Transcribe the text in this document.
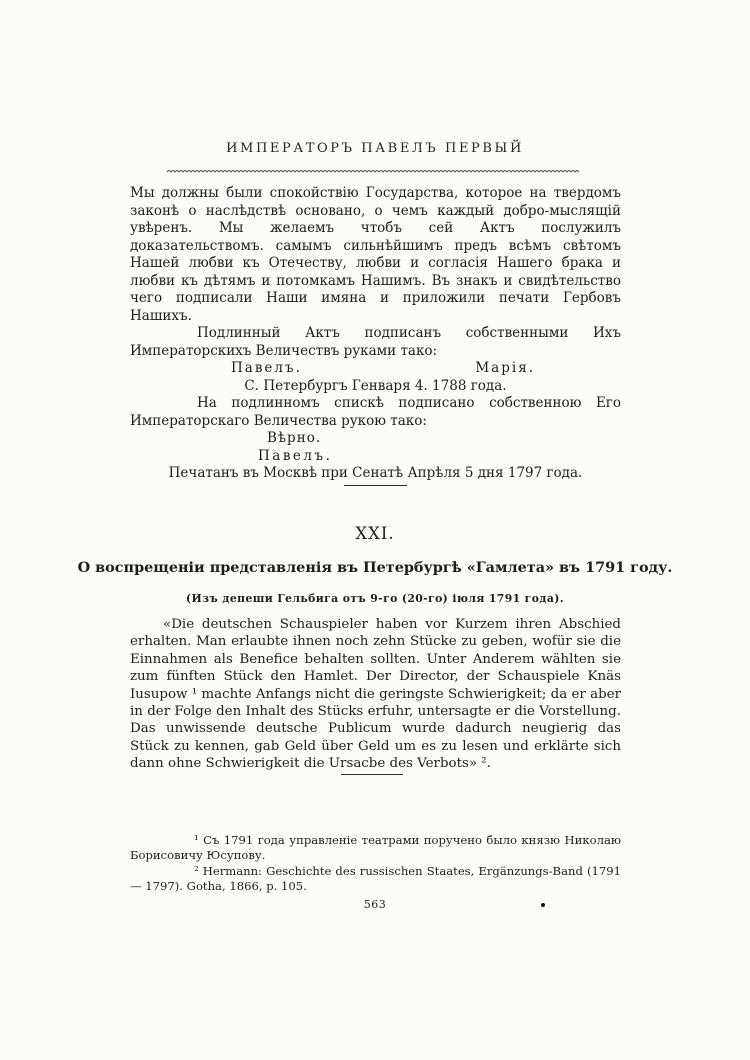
ИМПЕРАТОРЪ ПАВЕЛЪ ПЕРВЫЙ

Мы должны были спокойствію Государства, которое на твердомъ законѣ о наслѣдствѣ основано, о чемъ каждый добро-мыслящій увѣренъ. Мы желаемъ чтобъ сей Актъ послужилъ доказательствомъ. самымъ сильнѣйшимъ предъ всѣмъ свѣтомъ Нашей любви къ Отечеству, любви и согласія Нашего брака и любви къ дѣтямъ и потомкамъ Нашимъ. Въ знакъ и свидѣтельство чего подписали Наши имяна и приложили печати Гербовъ Нашихъ.

Подлинный Актъ подписанъ собственными Ихъ Императорскихъ Величествъ руками тако:

Павелъ.	Марія.

С. Петербургъ Генваря 4. 1788 года.

На подлинномъ спискѣ подписано собственною Его Императорскаго Величества рукою тако:

Вѣрно.

Павелъ.

Печатанъ въ Москвѣ при Сенатѣ Апрѣля 5 дня 1797 года.

XXI.
О воспрещеніи представленія въ Петербургѣ «Гамлета» въ 1791 году.
(Изъ депеши Гельбига отъ 9-го (20-го) іюля 1791 года).

«Die deutschen Schauspieler haben vor Kurzem ihren Abschied erhalten. Man erlaubte ihnen noch zehn Stücke zu geben, wofür sie die Einnahmen als Benefice behalten sollten. Unter Anderem wählten sie zum fünften Stück den Hamlet. Der Director, der Schauspiele Knäs Iusupow ¹ machte Anfangs nicht die geringste Schwierigkeit; da er aber in der Folge den Inhalt des Stücks erfuhr, untersagte er die Vorstellung. Das unwissende deutsche Publicum wurde dadurch neugierig das Stück zu kennen, gab Geld über Geld um es zu lesen und erklärte sich dann ohne Schwierigkeit die Ursacbe des Verbots» ².

¹ Съ 1791 года управленіе театрами поручено было князю Николаю Борисовичу Юсупову.

² Hermann: Geschichte des russischen Staates, Ergänzungs-Band (1791 — 1797). Gotha, 1866, p. 105.

563
